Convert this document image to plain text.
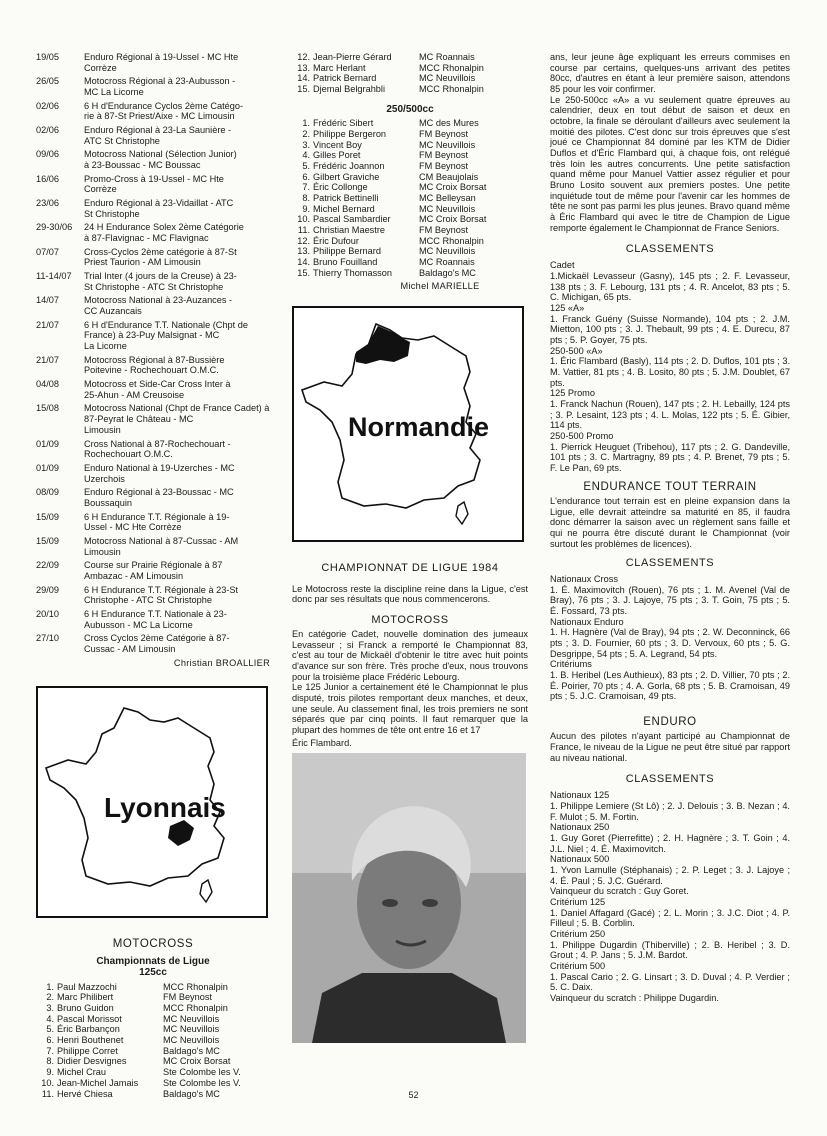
19/05	Enduro Régional à 19-Ussel - MC Hte
Corrèze
26/05	Motocross Régional à 23-Aubusson -
MC La Licorne
02/06	6 H d'Endurance Cyclos 2ème Catégo-
rie à 87-St Priest/Aixe - MC Limousin
02/06	Enduro Régional à 23-La Saunière -
ATC St Christophe
09/06	Motocross National (Sélection Junior)
à 23-Boussac - MC Boussac
16/06	Promo-Cross à 19-Ussel - MC Hte
Corrèze
23/06	Enduro Régional à 23-Vidaillat - ATC
St Christophe
29-30/06	24 H Endurance Solex 2ème Catégorie
à 87-Flavignac - MC Flavignac
07/07	Cross-Cyclos 2ème catégorie à 87-St
Priest Taurion - AM Limousin
11-14/07	Trial Inter (4 jours de la Creuse) à 23-
St Christophe - ATC St Christophe
14/07	Motocross National à 23-Auzances -
CC Auzancais
21/07	6 H d'Endurance T.T. Nationale (Chpt de France) à 23-Puy Malsignat - MC
La Licorne
21/07	Motocross Régional à 87-Bussière
Poitevine - Rochechouart O.M.C.
04/08	Motocross et Side-Car Cross Inter à
25-Ahun - AM Creusoise
15/08	Motocross National (Chpt de France Cadet) à 87-Peyrat le Château - MC
Limousin
01/09	Cross National à 87-Rochechouart -
Rochechouart O.M.C.
01/09	Enduro National à 19-Uzerches - MC
Uzerchois
08/09	Enduro Régional à 23-Boussac - MC
Boussaquin
15/09	6 H Endurance T.T. Régionale à 19-
Ussel - MC Hte Corrèze
15/09	Motocross National à 87-Cussac - AM
Limousin
22/09	Course sur Prairie Régionale à 87
Ambazac - AM Limousin
29/09	6 H Endurance T.T. Régionale à 23-St
Christophe - ATC St Christophe
20/10	6 H Endurance T.T. Nationale à 23-
Aubusson - MC La Licorne
27/10	Cross Cyclos 2ème Catégorie à 87-
Cussac - AM Limousin
Christian BROALLIER
Lyonnais
MOTOCROSS
Championnats de Ligue
125cc
1. Paul Mazzochi	MCC Rhonalpin
2. Marc Philibert	FM Beynost
3. Bruno Guidon	MCC Rhonalpin
4. Pascal Morissot	MC Neuvillois
5. Éric Barbançon	MC Neuvillois
6. Henri Bouthenet	MC Neuvillois
7. Philippe Corret	Baldago's MC
8. Didier Desvignes	MC Croix Borsat
9. Michel Crau	Ste Colombe les V.
10. Jean-Michel Jamais	Ste Colombe les V.
11. Hervé Chiesa	Baldago's MC
12. Jean-Pierre Gérard	MC Roannais
13. Marc Herlant	MCC Rhonalpin
14. Patrick Bernard	MC Neuvillois
15. Djemal Belgrahbli	MCC Rhonalpin
250/500cc
1. Frédéric Sibert	MC des Mures
2. Philippe Bergeron	FM Beynost
3. Vincent Boy	MC Neuvillois
4. Gilles Poret	FM Beynost
5. Frédéric Joannon	FM Beynost
6. Gilbert Graviche	CM Beaujolais
7. Éric Collonge	MC Croix Borsat
8. Patrick Bettinelli	MC Belleysan
9. Michel Bernard	MC Neuvillois
10. Pascal Sambardier	MC Croix Borsat
11. Christian Maestre	FM Beynost
12. Éric Dufour	MCC Rhonalpin
13. Philippe Bernard	MC Neuvillois
14. Bruno Fouilland	MC Roannais
15. Thierry Thomasson	Baldago's MC
Michel MARIELLE
Normandie
CHAMPIONNAT DE LIGUE 1984

Le Motocross reste la discipline reine dans la Ligue, c'est donc par ses résultats que nous commencerons.

MOTOCROSS

En catégorie Cadet, nouvelle domination des jumeaux Levasseur ; si Franck a remporté le Championnat 83, c'est au tour de Mickaël d'obtenir le titre avec huit points d'avance sur son frère. Très proche d'eux, nous trouvons pour la troisième place Frédéric Lebourg.

Le 125 Junior a certainement été le Championnat le plus disputé, trois pilotes remportant deux manches, et deux, une seule. Au classement final, les trois premiers ne sont séparés que par cinq points. Il faut remarquer que la plupart des hommes de tête ont entre 16 et 17

Éric Flambard.

ans, leur jeune âge expliquant les erreurs commises en course par certains, quelques-uns arrivant des petites 80cc, d'autres en étant à leur première saison, attendons 85 pour les voir confirmer.

Le 250-500cc «A» a vu seulement quatre épreuves au calendrier, deux en tout début de saison et deux en octobre, la finale se déroulant d'ailleurs avec seulement la moitié des pilotes. C'est donc sur trois épreuves que s'est joué ce Championnat 84 dominé par les KTM de Didier Duflos et d'Éric Flambard qui, à chaque fois, ont relégué très loin les autres concurrents. Une petite satisfaction quand même pour Manuel Vattier assez régulier et pour Bruno Losito souvent aux premiers postes. Une petite inquiétude tout de même pour l'avenir car les hommes de tête ne sont pas parmi les plus jeunes. Bravo quand même à Éric Flambard qui avec le titre de Champion de Ligue remporte également le Championnat de France Seniors.

CLASSEMENTS

Cadet

1.Mickaël Levasseur (Gasny), 145 pts ; 2. F. Levasseur, 138 pts ; 3. F. Lebourg, 131 pts ; 4. R. Ancelot, 83 pts ; 5. C. Michigan, 65 pts.

125 «A»

1. Franck Guény (Suisse Normande), 104 pts ; 2. J.M. Mietton, 100 pts ; 3. J. Thebault, 99 pts ; 4. E. Durecu, 87 pts ; 5. P. Goyer, 75 pts.

250-500 «A»

1. Éric Flambard (Basly), 114 pts ; 2. D. Duflos, 101 pts ; 3. M. Vattier, 81 pts ; 4. B. Losito, 80 pts ; 5. J.M. Doublet, 67 pts.

125 Promo

1. Franck Nachun (Rouen), 147 pts ; 2. H. Lebailly, 124 pts ; 3. P. Lesaint, 123 pts ; 4. L. Molas, 122 pts ; 5. É. Gibier, 114 pts.

250-500 Promo

1. Pierrick Heuguet (Tribehou), 117 pts ; 2. G. Dandeville, 101 pts ; 3. C. Martragny, 89 pts ; 4. P. Brenet, 79 pts ; 5. F. Le Pan, 69 pts.

ENDURANCE TOUT TERRAIN

L'endurance tout terrain est en pleine expansion dans la Ligue, elle devrait atteindre sa maturité en 85, il faudra donc démarrer la saison avec un règlement sans faille et qui ne pourra être discuté durant le Championnat (voir surtout les problèmes de licences).

CLASSEMENTS

Nationaux Cross

1. É. Maximovitch (Rouen), 76 pts ; 1. M. Avenel (Val de Bray), 76 pts ; 3. J. Lajoye, 75 pts ; 3. T. Goin, 75 pts ; 5. É. Fossard, 73 pts.

Nationaux Enduro

1. H. Hagnère (Val de Bray), 94 pts ; 2. W. Deconninck, 66 pts ; 3. D. Fournier, 60 pts ; 3. D. Vervoux, 60 pts ; 5. G. Desgrippe, 54 pts ; 5. A. Legrand, 54 pts.

Critériums

1. B. Heribel (Les Authieux), 83 pts ; 2. D. Villier, 70 pts ; 2. É. Poirier, 70 pts ; 4. A. Gorla, 68 pts ; 5. B. Cramoisan, 49 pts ; 5. J.C. Cramoisan, 49 pts.

ENDURO

Aucun des pilotes n'ayant participé au Championnat de France, le niveau de la Ligue ne peut être situé par rapport au niveau national.

CLASSEMENTS

Nationaux 125

1. Philippe Lemiere (St Lô) ; 2. J. Delouis ; 3. B. Nezan ; 4. F. Mulot ; 5. M. Fortin.

Nationaux 250

1. Guy Goret (Pierrefitte) ; 2. H. Hagnère ; 3. T. Goin ; 4. J.L. Niel ; 4. É. Maximovitch.

Nationaux 500

1. Yvon Lamulle (Stéphanais) ; 2. P. Leget ; 3. J. Lajoye ; 4. É. Paul ; 5. J.C. Guérard.

Vainqueur du scratch : Guy Goret.

Critérium 125

1. Daniel Affagard (Gacé) ; 2. L. Morin ; 3. J.C. Diot ; 4. P. Filleul ; 5. B. Corblin.

Critérium 250

1. Philippe Dugardin (Thiberville) ; 2. B. Heribel ; 3. D. Grout ; 4. P. Jans ; 5. J.M. Bardot.

Critérium 500

1. Pascal Cario ; 2. G. Linsart ; 3. D. Duval ; 4. P. Verdier ; 5. C. Daix.

Vainqueur du scratch : Philippe Dugardin.

52
